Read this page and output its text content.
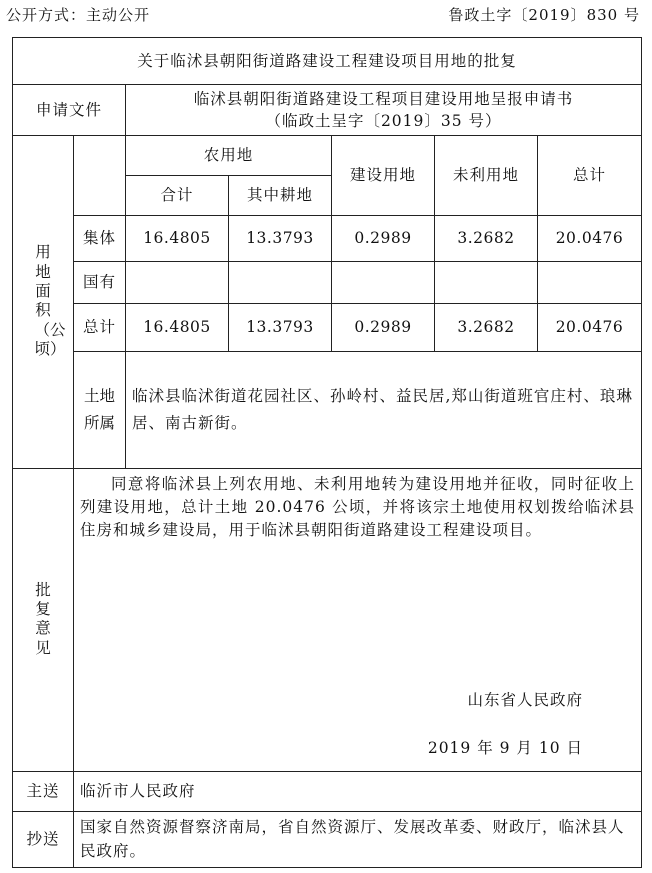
公开方式：主动公开	鲁政土字〔2019〕830 号
关于临沭县朝阳街道路建设工程建设项目用地的批复						
申请文件		临沭县朝阳街道路建设工程项目建设用地呈报申请书
（临政土呈字〔2019〕35 号）				

用地面积（公顷）		农用地		建设用地	未利用地	总计
		合计	其中耕地			
	集体	16.4805	13.3793	0.2989	3.2682	20.0476
	国有					
	总计	16.4805	13.3793	0.2989	3.2682	20.0476
	土地所属	临沭县临沭街道花园社区、孙岭村、益民居,郑山街道班官庄村、琅琳居、南古新街。				
批复意见	同意将临沭县上列农用地、未利用地转为建设用地并征收，同时征收上列建设用地，总计土地 20.0476 公顷，并将该宗土地使用权划拨给临沭县住房和城乡建设局，用于临沭县朝阳街道路建设工程建设项目。
山东省人民政府
2019 年 9 月 10 日					

主送	临沂市人民政府					
抄送	国家自然资源督察济南局，省自然资源厅、发展改革委、财政厅，临沭县人民政府。					
